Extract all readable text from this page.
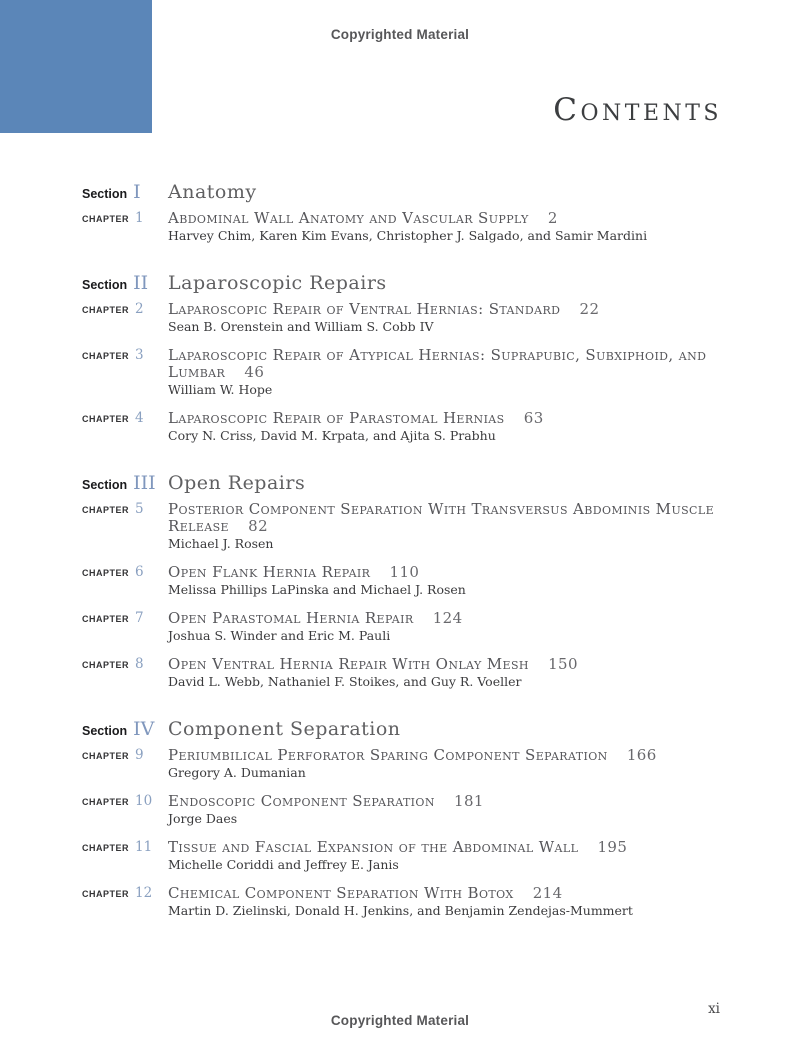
Copyrighted Material
Contents
Section I Anatomy
CHAPTER 1 Abdominal Wall Anatomy and Vascular Supply 2
Harvey Chim, Karen Kim Evans, Christopher J. Salgado, and Samir Mardini
Section II Laparoscopic Repairs
CHAPTER 2 Laparoscopic Repair of Ventral Hernias: Standard 22
Sean B. Orenstein and William S. Cobb IV
CHAPTER 3 Laparoscopic Repair of Atypical Hernias: Suprapubic, Subxiphoid, and Lumbar 46
William W. Hope
CHAPTER 4 Laparoscopic Repair of Parastomal Hernias 63
Cory N. Criss, David M. Krpata, and Ajita S. Prabhu
Section III Open Repairs
CHAPTER 5 Posterior Component Separation With Transversus Abdominis Muscle Release 82
Michael J. Rosen
CHAPTER 6 Open Flank Hernia Repair 110
Melissa Phillips LaPinska and Michael J. Rosen
CHAPTER 7 Open Parastomal Hernia Repair 124
Joshua S. Winder and Eric M. Pauli
CHAPTER 8 Open Ventral Hernia Repair With Onlay Mesh 150
David L. Webb, Nathaniel F. Stoikes, and Guy R. Voeller
Section IV Component Separation
CHAPTER 9 Periumbilical Perforator Sparing Component Separation 166
Gregory A. Dumanian
CHAPTER 10 Endoscopic Component Separation 181
Jorge Daes
CHAPTER 11 Tissue and Fascial Expansion of the Abdominal Wall 195
Michelle Coriddi and Jeffrey E. Janis
CHAPTER 12 Chemical Component Separation With Botox 214
Martin D. Zielinski, Donald H. Jenkins, and Benjamin Zendejas-Mummert
xi
Copyrighted Material
